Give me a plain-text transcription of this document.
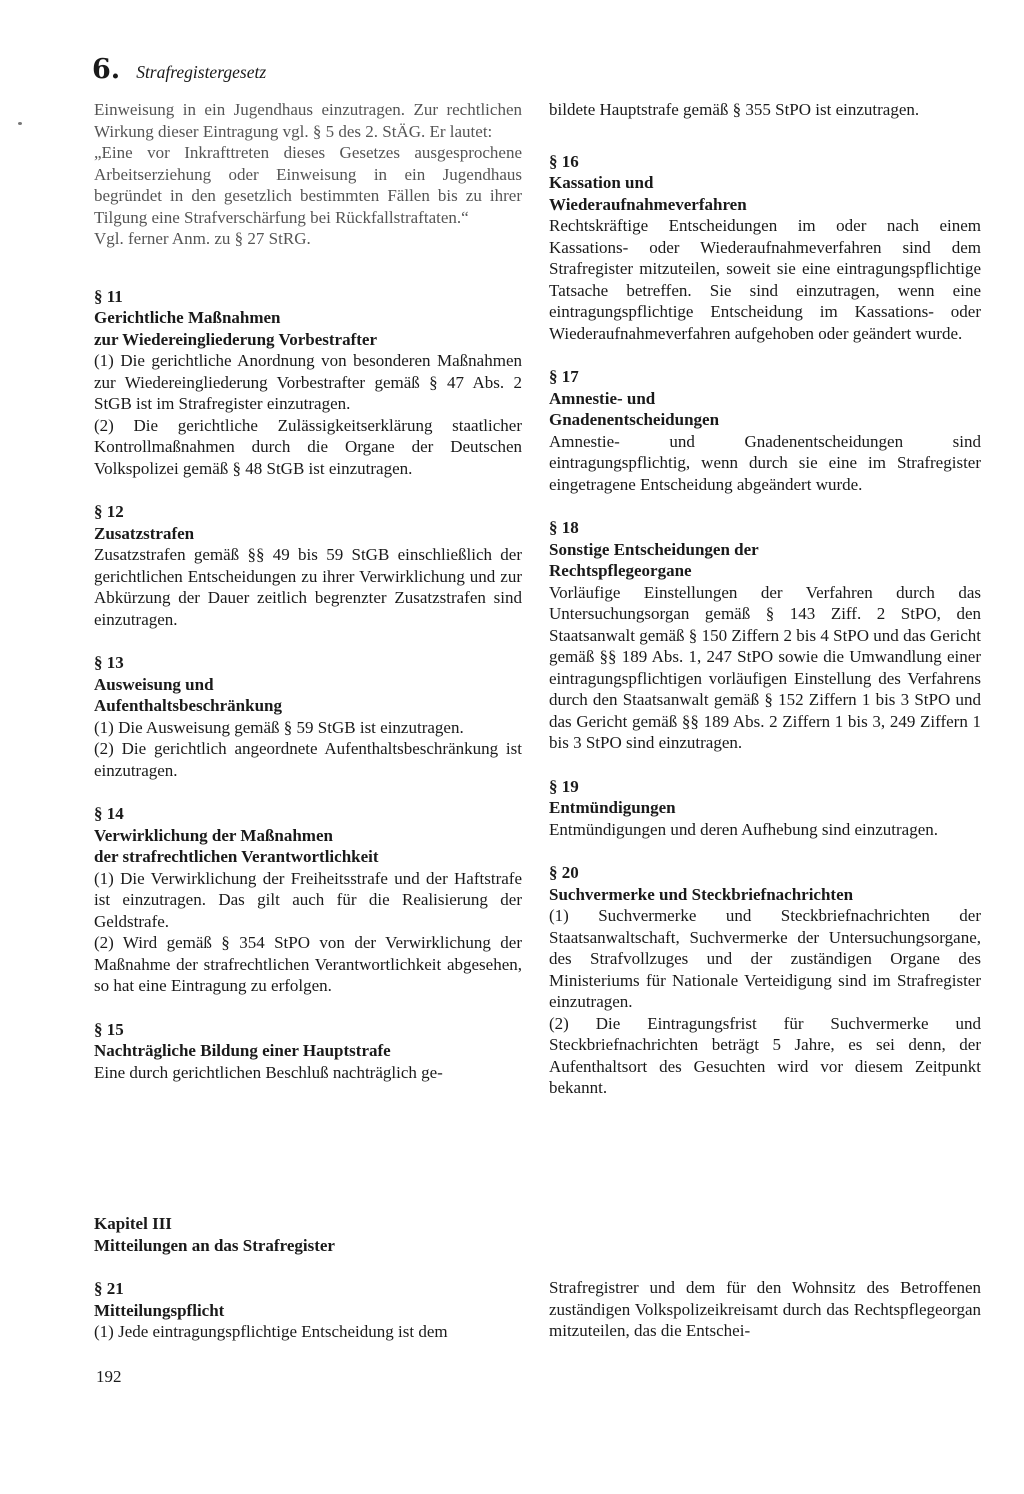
6. Strafregistergesetz

Einweisung in ein Jugendhaus einzutragen. Zur rechtlichen Wirkung dieser Eintragung vgl. § 5 des 2. StÄG. Er lautet:

„Eine vor Inkrafttreten dieses Gesetzes ausgesprochene Arbeitserziehung oder Einweisung in ein Jugendhaus begründet in den gesetzlich bestimmten Fällen bis zu ihrer Tilgung eine Strafverschärfung bei Rückfallstraftaten.“

Vgl. ferner Anm. zu § 27 StRG.

§ 11

Gerichtliche Maßnahmen

zur Wiedereingliederung Vorbestrafter

(1) Die gerichtliche Anordnung von besonderen Maßnahmen zur Wiedereingliederung Vorbestrafter gemäß § 47 Abs. 2 StGB ist im Strafregister einzutragen.

(2) Die gerichtliche Zulässigkeitserklärung staatlicher Kontrollmaßnahmen durch die Organe der Deutschen Volkspolizei gemäß § 48 StGB ist einzutragen.

§ 12

Zusatzstrafen

Zusatzstrafen gemäß §§ 49 bis 59 StGB einschließlich der gerichtlichen Entscheidungen zu ihrer Verwirklichung und zur Abkürzung der Dauer zeitlich begrenzter Zusatzstrafen sind einzutragen.

§ 13

Ausweisung und

Aufenthaltsbeschränkung

(1) Die Ausweisung gemäß § 59 StGB ist einzutragen.

(2) Die gerichtlich angeordnete Aufenthaltsbeschränkung ist einzutragen.

§ 14

Verwirklichung der Maßnahmen

der strafrechtlichen Verantwortlichkeit

(1) Die Verwirklichung der Freiheitsstrafe und der Haftstrafe ist einzutragen. Das gilt auch für die Realisierung der Geldstrafe.

(2) Wird gemäß § 354 StPO von der Verwirklichung der Maßnahme der strafrechtlichen Verantwortlichkeit abgesehen, so hat eine Eintragung zu erfolgen.

§ 15

Nachträgliche Bildung einer Hauptstrafe

Eine durch gerichtlichen Beschluß nachträglich ge-

bildete Hauptstrafe gemäß § 355 StPO ist einzutragen.

§ 16

Kassation und

Wiederaufnahmeverfahren

Rechtskräftige Entscheidungen im oder nach einem Kassations- oder Wiederaufnahmeverfahren sind dem Strafregister mitzuteilen, soweit sie eine eintragungspflichtige Tatsache betreffen. Sie sind einzutragen, wenn eine eintragungspflichtige Entscheidung im Kassations- oder Wiederaufnahmeverfahren aufgehoben oder geändert wurde.

§ 17

Amnestie- und

Gnadenentscheidungen

Amnestie- und Gnadenentscheidungen sind eintragungspflichtig, wenn durch sie eine im Strafregister eingetragene Entscheidung abgeändert wurde.

§ 18

Sonstige Entscheidungen der

Rechtspflegeorgane

Vorläufige Einstellungen der Verfahren durch das Untersuchungsorgan gemäß § 143 Ziff. 2 StPO, den Staatsanwalt gemäß § 150 Ziffern 2 bis 4 StPO und das Gericht gemäß §§ 189 Abs. 1, 247 StPO sowie die Umwandlung einer eintragungspflichtigen vorläufigen Einstellung des Verfahrens durch den Staatsanwalt gemäß § 152 Ziffern 1 bis 3 StPO und das Gericht gemäß §§ 189 Abs. 2 Ziffern 1 bis 3, 249 Ziffern 1 bis 3 StPO sind einzutragen.

§ 19

Entmündigungen

Entmündigungen und deren Aufhebung sind einzutragen.

§ 20

Suchvermerke und Steckbriefnachrichten

(1) Suchvermerke und Steckbriefnachrichten der Staatsanwaltschaft, Suchvermerke der Untersuchungsorgane, des Strafvollzuges und der zuständigen Organe des Ministeriums für Nationale Verteidigung sind im Strafregister einzutragen.

(2) Die Eintragungsfrist für Suchvermerke und Steckbriefnachrichten beträgt 5 Jahre, es sei denn, der Aufenthaltsort des Gesuchten wird vor diesem Zeitpunkt bekannt.

Kapitel III

Mitteilungen an das Strafregister

§ 21

Mitteilungspflicht

(1) Jede eintragungspflichtige Entscheidung ist dem

Strafregistrer und dem für den Wohnsitz des Betroffenen zuständigen Volkspolizeikreisamt durch das Rechtspflegeorgan mitzuteilen, das die Entschei-

192
